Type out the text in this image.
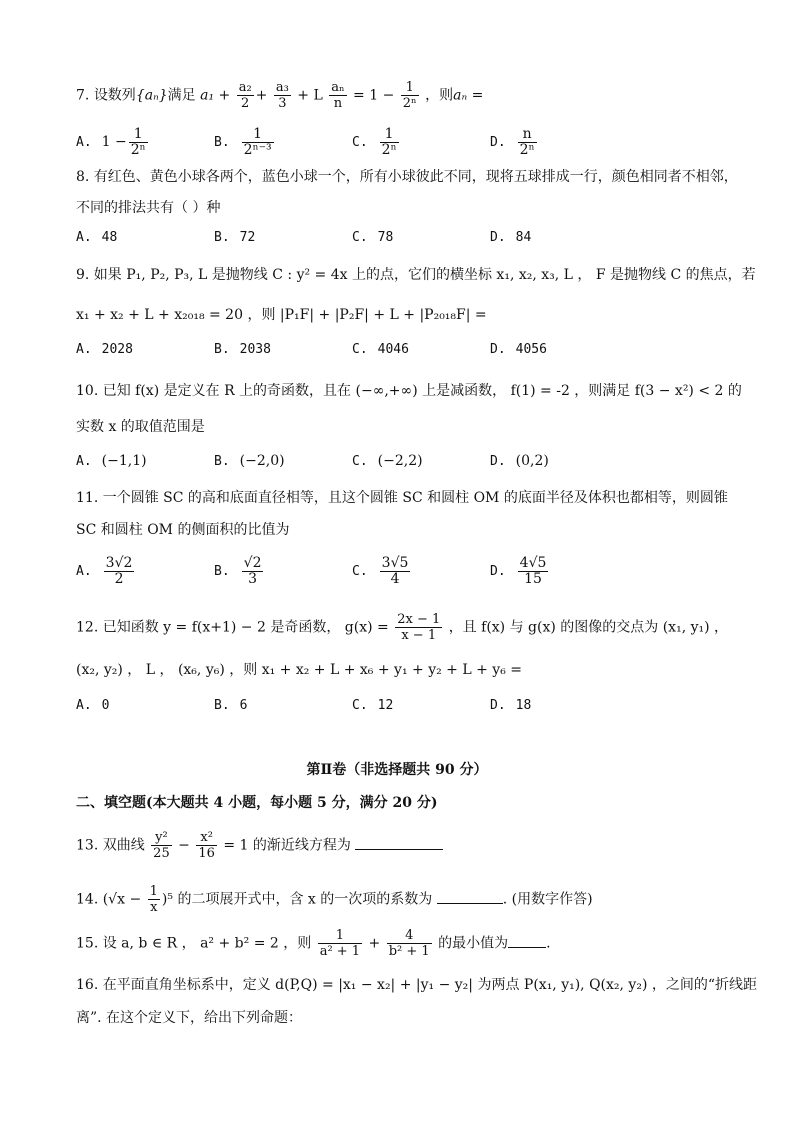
7. 设数列{aₙ}满足 $a_1 + \frac{\text{a₂}}{2} + \frac{\text{a₃}}{3} + L \frac{\text{aₙ}}{n} = 1 - \frac{1}{\text{2ⁿ}}$ ，则aₙ =
A. $1 - \frac{1}{\text{2ⁿ}}$	B. $\frac{1}{\text{2ⁿ⁻³}}$	C. $\frac{1}{\text{2ⁿ}}$	D. $\frac{n}{\text{2ⁿ}}$
8. 有红色、黄色小球各两个，蓝色小球一个，所有小球彼此不同，现将五球排成一行，颜色相同者不相邻，
不同的排法共有（ ）种
A. 48	B. 72	C. 78	D. 84
9. 如果 P₁, P₂, P₃, L 是抛物线 C : y² = 4x 上的点，它们的横坐标 x₁, x₂, x₃, L ， F 是抛物线 C 的焦点，若
x₁ + x₂ + L + x₂₀₁₈ = 20 ，则 |P₁F| + |P₂F| + L + |P₂₀₁₈F| =
A. 2028	B. 2038	C. 4046	D. 4056
10. 已知 f(x) 是定义在 R 上的奇函数，且在 (−∞,+∞) 上是减函数， f(1) = -2 ，则满足 f(3 − x²) < 2 的
实数 x 的取值范围是
A. (−1,1)	B. (−2,0)	C. (−2,2)	D. (0,2)
11. 一个圆锥 SC 的高和底面直径相等，且这个圆锥 SC 和圆柱 OM 的底面半径及体积也都相等，则圆锥
SC 和圆柱 OM 的侧面积的比值为
A. $\frac{3√2}{2}$	B. $\frac{√2}{3}$	C. $\frac{3√5}{4}$	D. $\frac{4√5}{15}$
12. 已知函数 y = f(x+1) − 2 是奇函数， $g(x) = \frac{2x - 1}{x - 1}$ ，且 f(x) 与 g(x) 的图像的交点为 (x₁, y₁) ，
(x₂, y₂) ， L ， (x₆, y₆) ，则 x₁ + x₂ + L + x₆ + y₁ + y₂ + L + y₆ =
A. 0	B. 6	C. 12	D. 18
第Ⅱ卷（非选择题共 90 分）
二、填空题(本大题共 4 小题，每小题 5 分，满分 20 分)
13. 双曲线 $\frac{\text{y²}}{25} - \frac{\text{x²}}{16} = 1$ 的渐近线方程为
14. $(√x - \frac{1}{x} )^5$ 的二项展开式中，含 x 的一次项的系数为	. (用数字作答)
15. 设 a, b ∈ R ， a² + b² = 2 ，则 $\frac{1}{\text{a² + 1}} + \frac{4}{\text{b² + 1}}$ 的最小值为	.
16. 在平面直角坐标系中，定义 d(P,Q) = |x₁ − x₂| + |y₁ − y₂| 为两点 P(x₁, y₁), Q(x₂, y₂) ，之间的“折线距
离”. 在这个定义下，给出下列命题：
